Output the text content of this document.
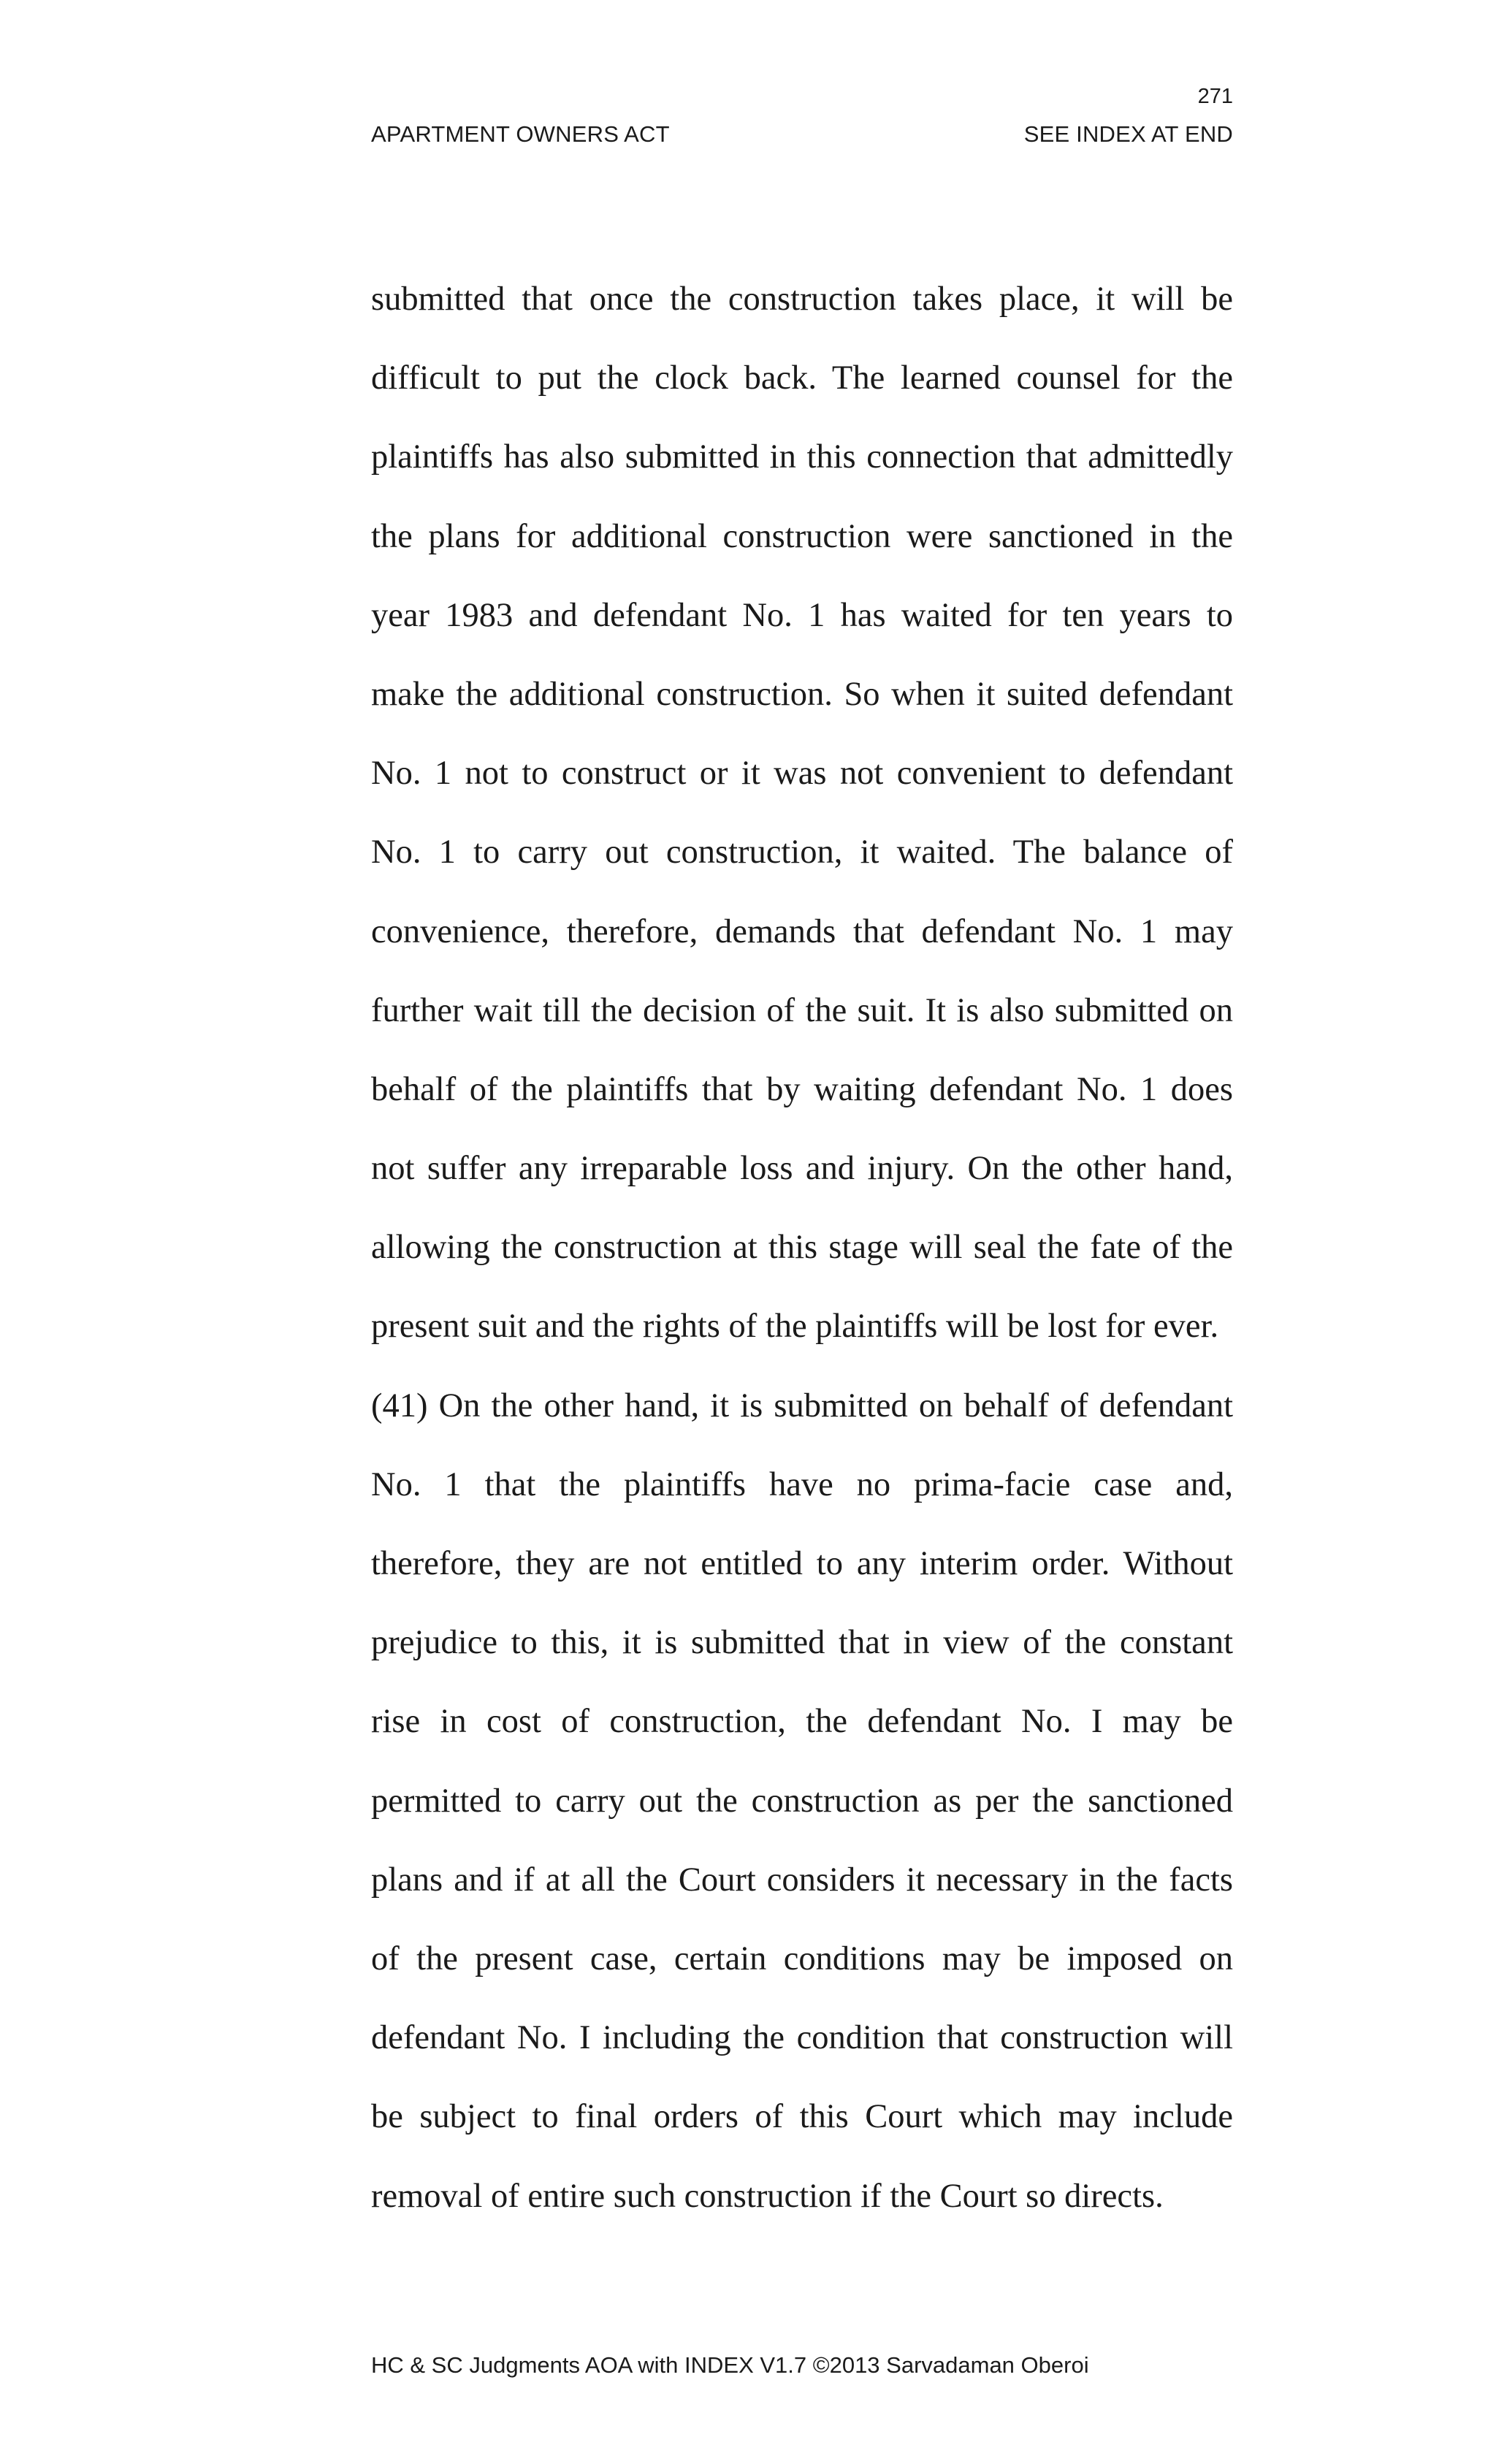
271
APARTMENT OWNERS ACT	SEE INDEX AT END
submitted that once the construction takes place, it will be
difficult to put the clock back. The learned counsel for the
plaintiffs has also submitted in this connection that admittedly
the plans for additional construction were sanctioned in the
year 1983 and defendant No. 1 has waited for ten years to
make the additional construction. So when it suited defendant
No. 1 not to construct or it was not convenient to defendant
No. 1 to carry out construction, it waited. The balance of
convenience, therefore, demands that defendant No. 1 may
further wait till the decision of the suit. It is also submitted on
behalf of the plaintiffs that by waiting defendant No. 1 does
not suffer any irreparable loss and injury. On the other hand,
allowing the construction at this stage will seal the fate of the
present suit and the rights of the plaintiffs will be lost for ever.
(41) On the other hand, it is submitted on behalf of defendant
No. 1 that the plaintiffs have no prima-facie case and,
therefore, they are not entitled to any interim order. Without
prejudice to this, it is submitted that in view of the constant
rise in cost of construction, the defendant No. I may be
permitted to carry out the construction as per the sanctioned
plans and if at all the Court considers it necessary in the facts
of the present case, certain conditions may be imposed on
defendant No. I including the condition that construction will
be subject to final orders of this Court which may include
removal of entire such construction if the Court so directs.
HC & SC Judgments AOA with INDEX V1.7 ©2013 Sarvadaman Oberoi
